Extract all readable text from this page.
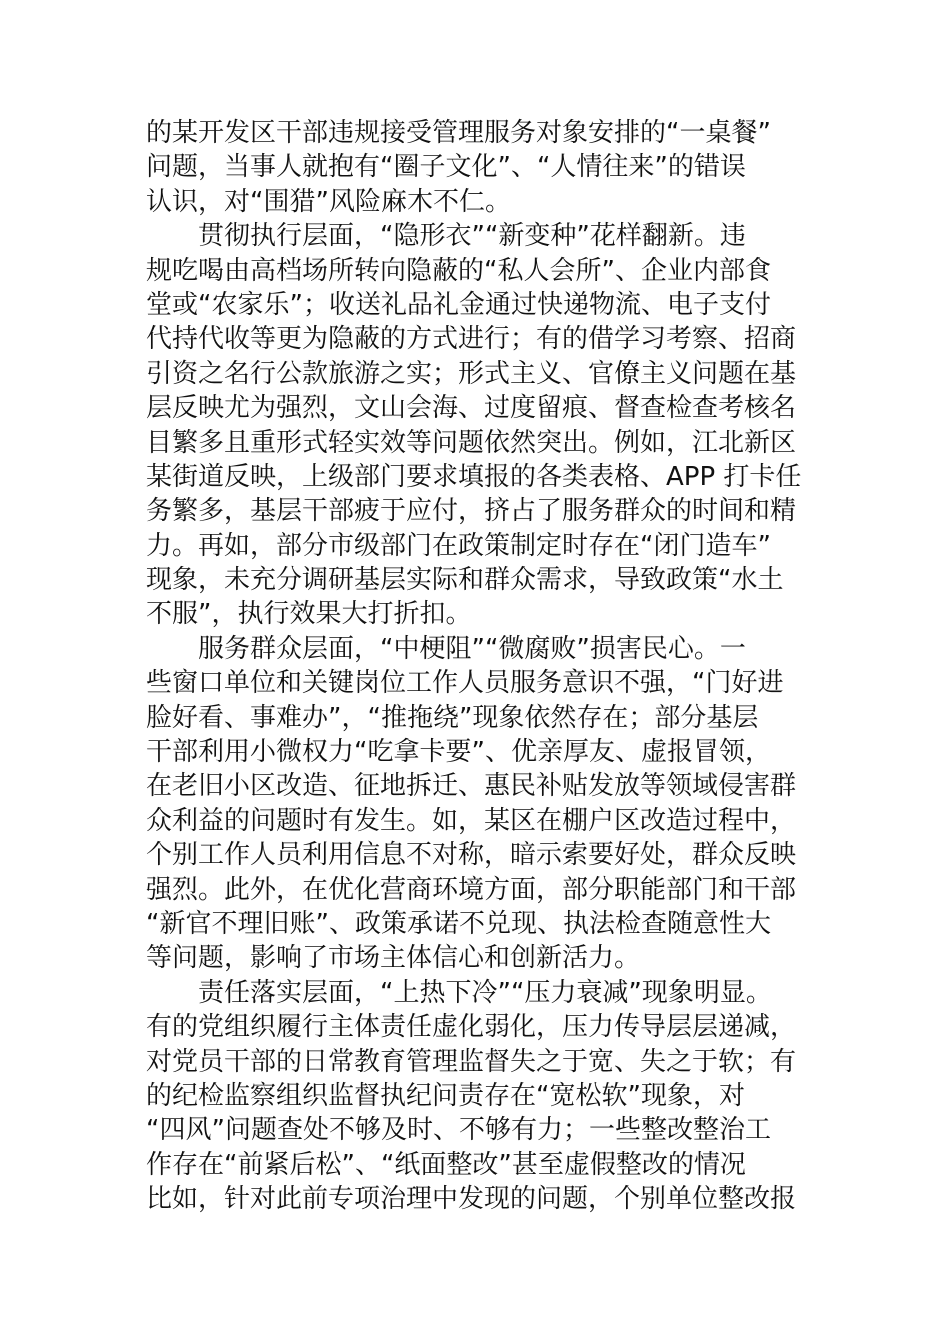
的某开发区干部违规接受管理服务对象安排的“一桌餐”
问题，当事人就抱有“圈子文化”、“人情往来”的错误
认识，对“围猎”风险麻木不仁。
　　贯彻执行层面，“隐形衣”“新变种”花样翻新。违
规吃喝由高档场所转向隐蔽的“私人会所”、企业内部食
堂或“农家乐”；收送礼品礼金通过快递物流、电子支付
代持代收等更为隐蔽的方式进行；有的借学习考察、招商
引资之名行公款旅游之实；形式主义、官僚主义问题在基
层反映尤为强烈，文山会海、过度留痕、督查检查考核名
目繁多且重形式轻实效等问题依然突出。例如，江北新区
某街道反映，上级部门要求填报的各类表格、APP 打卡任
务繁多，基层干部疲于应付，挤占了服务群众的时间和精
力。再如，部分市级部门在政策制定时存在“闭门造车”
现象，未充分调研基层实际和群众需求，导致政策“水土
不服”，执行效果大打折扣。
　　服务群众层面，“中梗阻”“微腐败”损害民心。一
些窗口单位和关键岗位工作人员服务意识不强，“门好进
脸好看、事难办”，“推拖绕”现象依然存在；部分基层
干部利用小微权力“吃拿卡要”、优亲厚友、虚报冒领，
在老旧小区改造、征地拆迁、惠民补贴发放等领域侵害群
众利益的问题时有发生。如，某区在棚户区改造过程中，
个别工作人员利用信息不对称，暗示索要好处，群众反映
强烈。此外，在优化营商环境方面，部分职能部门和干部
“新官不理旧账”、政策承诺不兑现、执法检查随意性大
等问题，影响了市场主体信心和创新活力。
　　责任落实层面，“上热下冷”“压力衰减”现象明显。
有的党组织履行主体责任虚化弱化，压力传导层层递减，
对党员干部的日常教育管理监督失之于宽、失之于软；有
的纪检监察组织监督执纪问责存在“宽松软”现象，对
“四风”问题查处不够及时、不够有力；一些整改整治工
作存在“前紧后松”、“纸面整改”甚至虚假整改的情况
比如，针对此前专项治理中发现的问题，个别单位整改报
